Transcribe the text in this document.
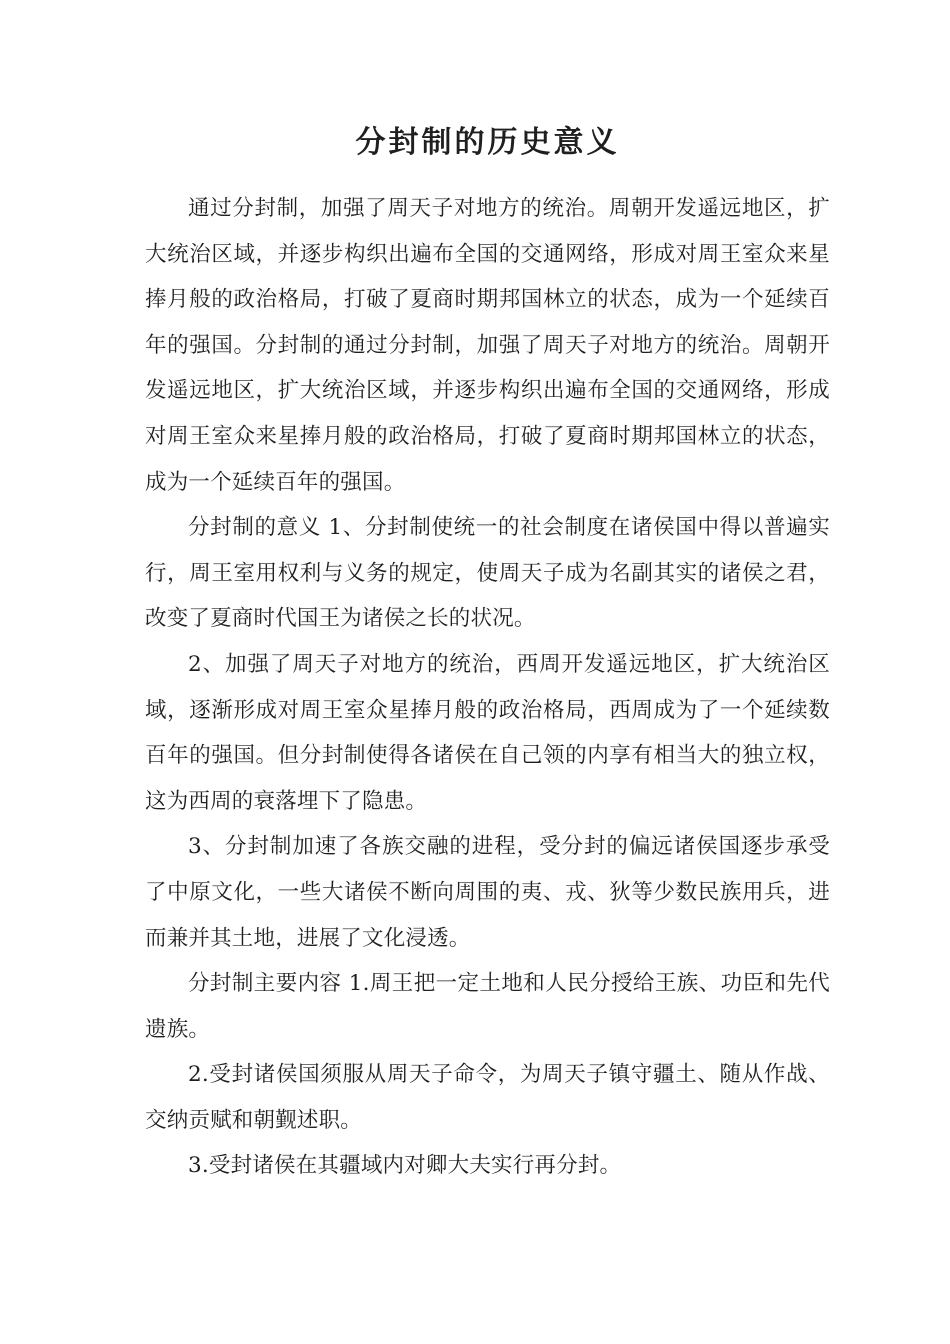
分封制的历史意义

通过分封制，加强了周天子对地方的统治。周朝开发遥远地区，扩大统治区域，并逐步构织出遍布全国的交通网络，形成对周王室众来星捧月般的政治格局，打破了夏商时期邦国林立的状态，成为一个延续百年的强国。分封制的通过分封制，加强了周天子对地方的统治。周朝开发遥远地区，扩大统治区域，并逐步构织出遍布全国的交通网络，形成对周王室众来星捧月般的政治格局，打破了夏商时期邦国林立的状态，成为一个延续百年的强国。

分封制的意义 1、分封制使统一的社会制度在诸侯国中得以普遍实行，周王室用权利与义务的规定，使周天子成为名副其实的诸侯之君，改变了夏商时代国王为诸侯之长的状况。

2、加强了周天子对地方的统治，西周开发遥远地区，扩大统治区域，逐渐形成对周王室众星捧月般的政治格局，西周成为了一个延续数百年的强国。但分封制使得各诸侯在自己领的内享有相当大的独立权，这为西周的衰落埋下了隐患。

3、分封制加速了各族交融的进程，受分封的偏远诸侯国逐步承受了中原文化，一些大诸侯不断向周围的夷、戎、狄等少数民族用兵，进而兼并其土地，进展了文化浸透。

分封制主要内容 1.周王把一定土地和人民分授给王族、功臣和先代遗族。

2.受封诸侯国须服从周天子命令，为周天子镇守疆土、随从作战、交纳贡赋和朝觐述职。

3.受封诸侯在其疆域内对卿大夫实行再分封。
